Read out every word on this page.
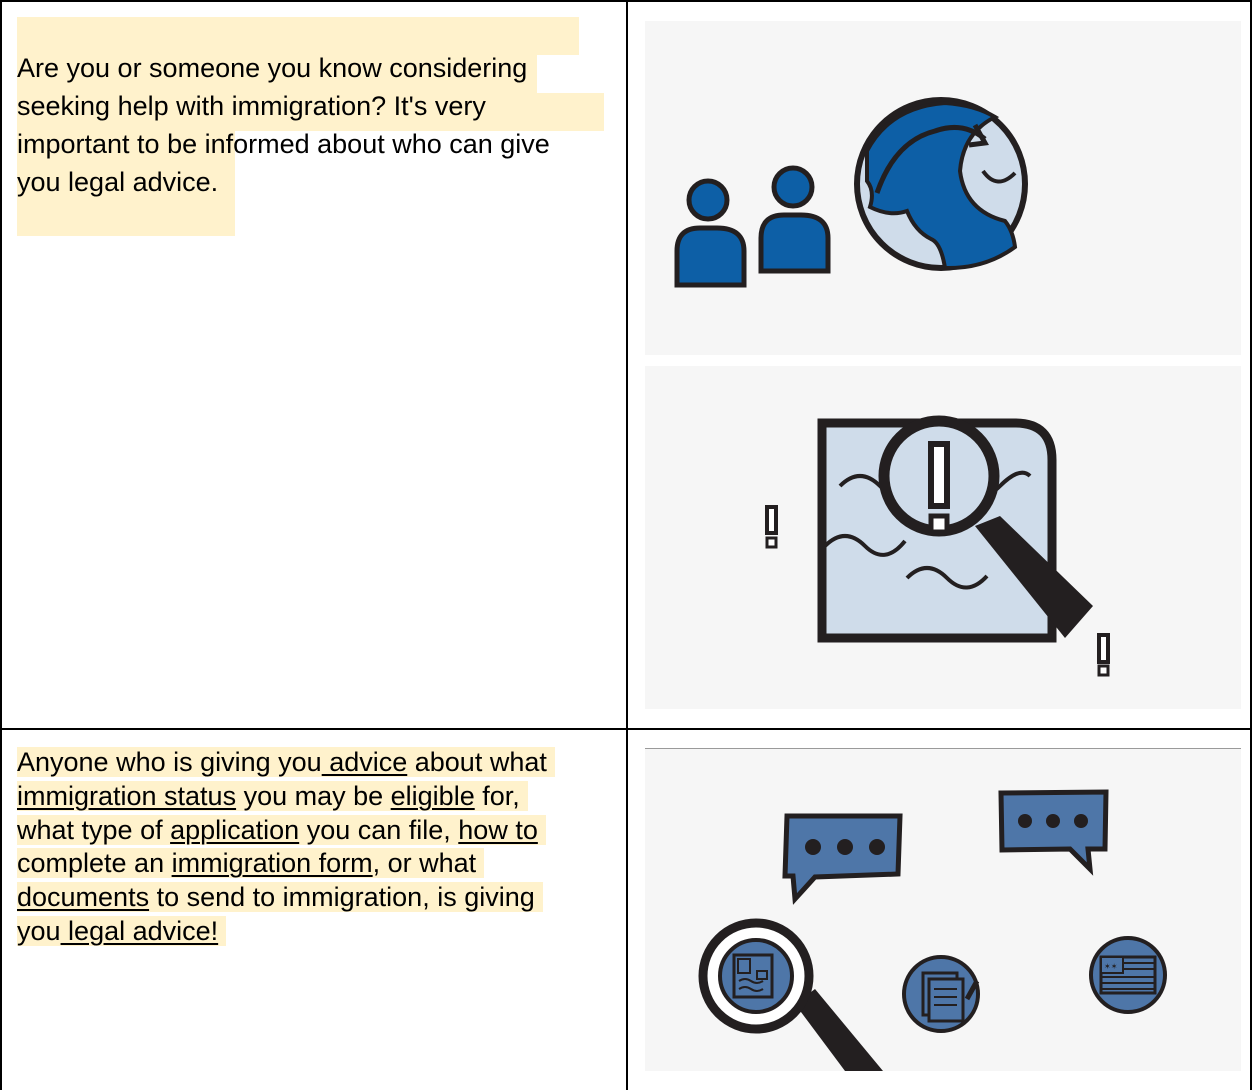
Are you or someone you know considering
seeking help with immigration? It's very
important to be informed about who can give
you legal advice.
Anyone who is giving you advice about what
immigration status you may be eligible for,
what type of application you can file, how to
complete an immigration form, or what
documents to send to immigration, is giving
you legal advice!
✶✶
